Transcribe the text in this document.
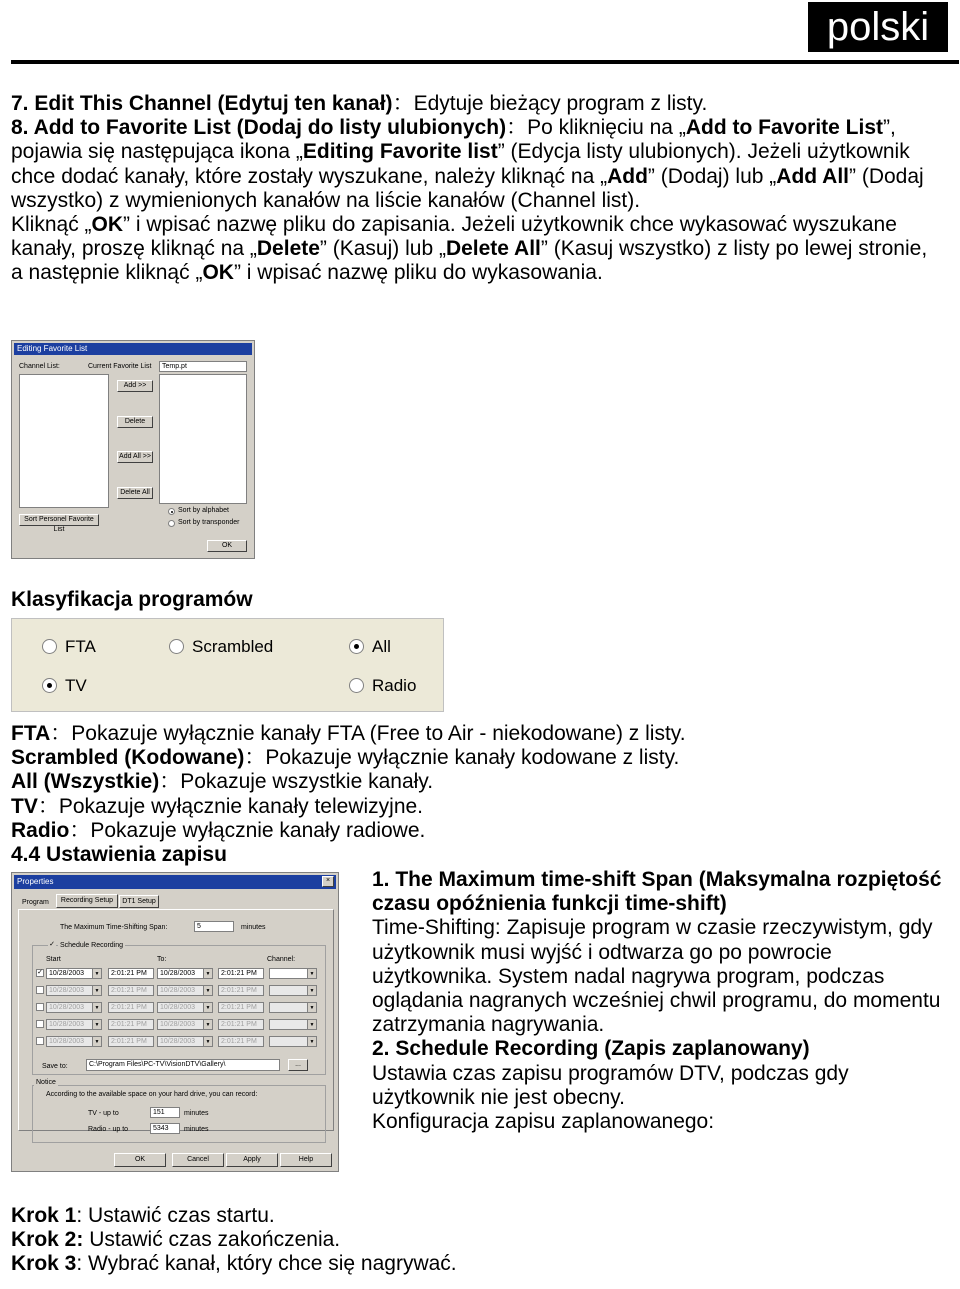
polski

7. Edit This Channel (Edytuj ten kanał)：Edytuje bieżący program z listy.

8. Add to Favorite List (Dodaj do listy ulubionych)：Po kliknięciu na „Add to Favorite List”, pojawia się następująca ikona „Editing Favorite list” (Edycja listy ulubionych). Jeżeli użytkownik chce dodać kanały, które zostały wyszukane, należy kliknąć na „Add” (Dodaj) lub „Add All” (Dodaj wszystko) z wymienionych kanałów na liście kanałów (Channel list).

Kliknąć „OK” i wpisać nazwę pliku do zapisania. Jeżeli użytkownik chce wykasować wyszukane kanały, proszę kliknąć na „Delete” (Kasuj) lub „Delete All” (Kasuj wszystko) z listy po lewej stronie, a następnie kliknąć „OK” i wpisać nazwę pliku do wykasowania.

Editing Favorite List
Channel List:	Current Favorite List	Temp.pt
Add >>
Delete
Add All >>
Delete All
Sort Personel Favorite List
Sort by alphabet
Sort by transponder
OK
Klasyfikacja programów
FTA	Scrambled	All
TV	Radio

FTA：Pokazuje wyłącznie kanały FTA (Free to Air - niekodowane) z listy.

Scrambled (Kodowane)：Pokazuje wyłącznie kanały kodowane z listy.

All (Wszystkie)：Pokazuje wszystkie kanały.

TV：Pokazuje wyłącznie kanały telewizyjne.

Radio：Pokazuje wyłącznie kanały radiowe.

4.4 Ustawienia zapisu

Properties	×
Program	Recording Setup	DT1 Setup
The Maximum Time-Shifting Span:	5	minutes
✓ Schedule Recording
Start	To:	Channel:
✓ 10/28/2003	▼	2:01:21 PM	10/28/2003	▼	2:01:21 PM	▼
10/28/2003	▼	2:01:21 PM	10/28/2003	▼	2:01:21 PM	▼
10/28/2003	▼	2:01:21 PM	10/28/2003	▼	2:01:21 PM	▼
10/28/2003	▼	2:01:21 PM	10/28/2003	▼	2:01:21 PM	▼
10/28/2003	▼	2:01:21 PM	10/28/2003	▼	2:01:21 PM	▼
Save to:	C:\Program Files\PC-TV\VisionDTV\Gallery\	...
Notice
According to the available space on your hard drive, you can record:
TV - up to	151	minutes
Radio - up to	5343	minutes
OK	Cancel	Apply	Help

1. The Maximum time-shift Span (Maksymalna rozpiętość czasu opóźnienia funkcji time-shift)

Time-Shifting: Zapisuje program w czasie rzeczywistym, gdy użytkownik musi wyjść i odtwarza go po powrocie użytkownika. System nadal nagrywa program, podczas oglądania nagranych wcześniej chwil programu, do momentu zatrzymania nagrywania.

2. Schedule Recording (Zapis zaplanowany)

Ustawia czas zapisu programów DTV, podczas gdy użytkownik nie jest obecny.

Konfiguracja zapisu zaplanowanego:

Krok 1: Ustawić czas startu.

Krok 2: Ustawić czas zakończenia.

Krok 3: Wybrać kanał, który chce się nagrywać.
